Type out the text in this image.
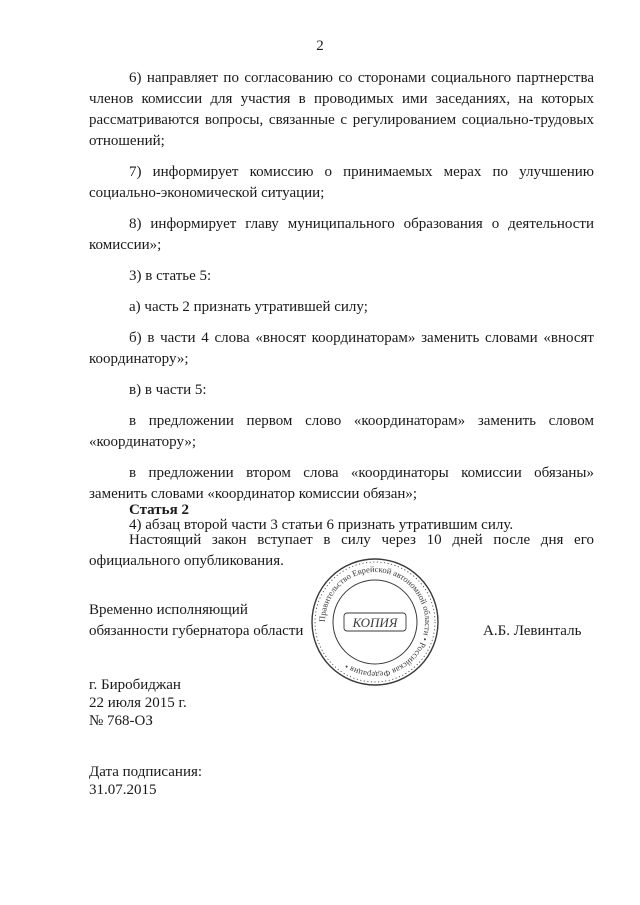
2

6) направляет по согласованию со сторонами социального партнерства членов комиссии для участия в проводимых ими заседаниях, на которых рассматриваются вопросы, связанные с регулированием социально-трудовых отношений;

7) информирует комиссию о принимаемых мерах по улучшению социально-экономической ситуации;

8) информирует главу муниципального образования о деятельности комиссии»;

3) в статье 5:

а) часть 2 признать утратившей силу;

б) в части 4 слова «вносят координаторам» заменить словами «вносят координатору»;

в) в части 5:

в предложении первом слово «координаторам» заменить словом «координатору»;

в предложении втором слова «координаторы комиссии обязаны» заменить словами «координатор комиссии обязан»;

4) абзац второй части 3 статьи 6 признать утратившим силу.

Статья 2

Настоящий закон вступает в силу через 10 дней после дня его официального опубликования.

Временно исполняющий
обязанности губернатора области
Правительство Еврейской автономной области • Российская Федерация •
КОПИЯ
А.Б. Левинталь
г. Биробиджан
22 июля 2015 г.
№ 768-ОЗ
Дата подписания:
31.07.2015
